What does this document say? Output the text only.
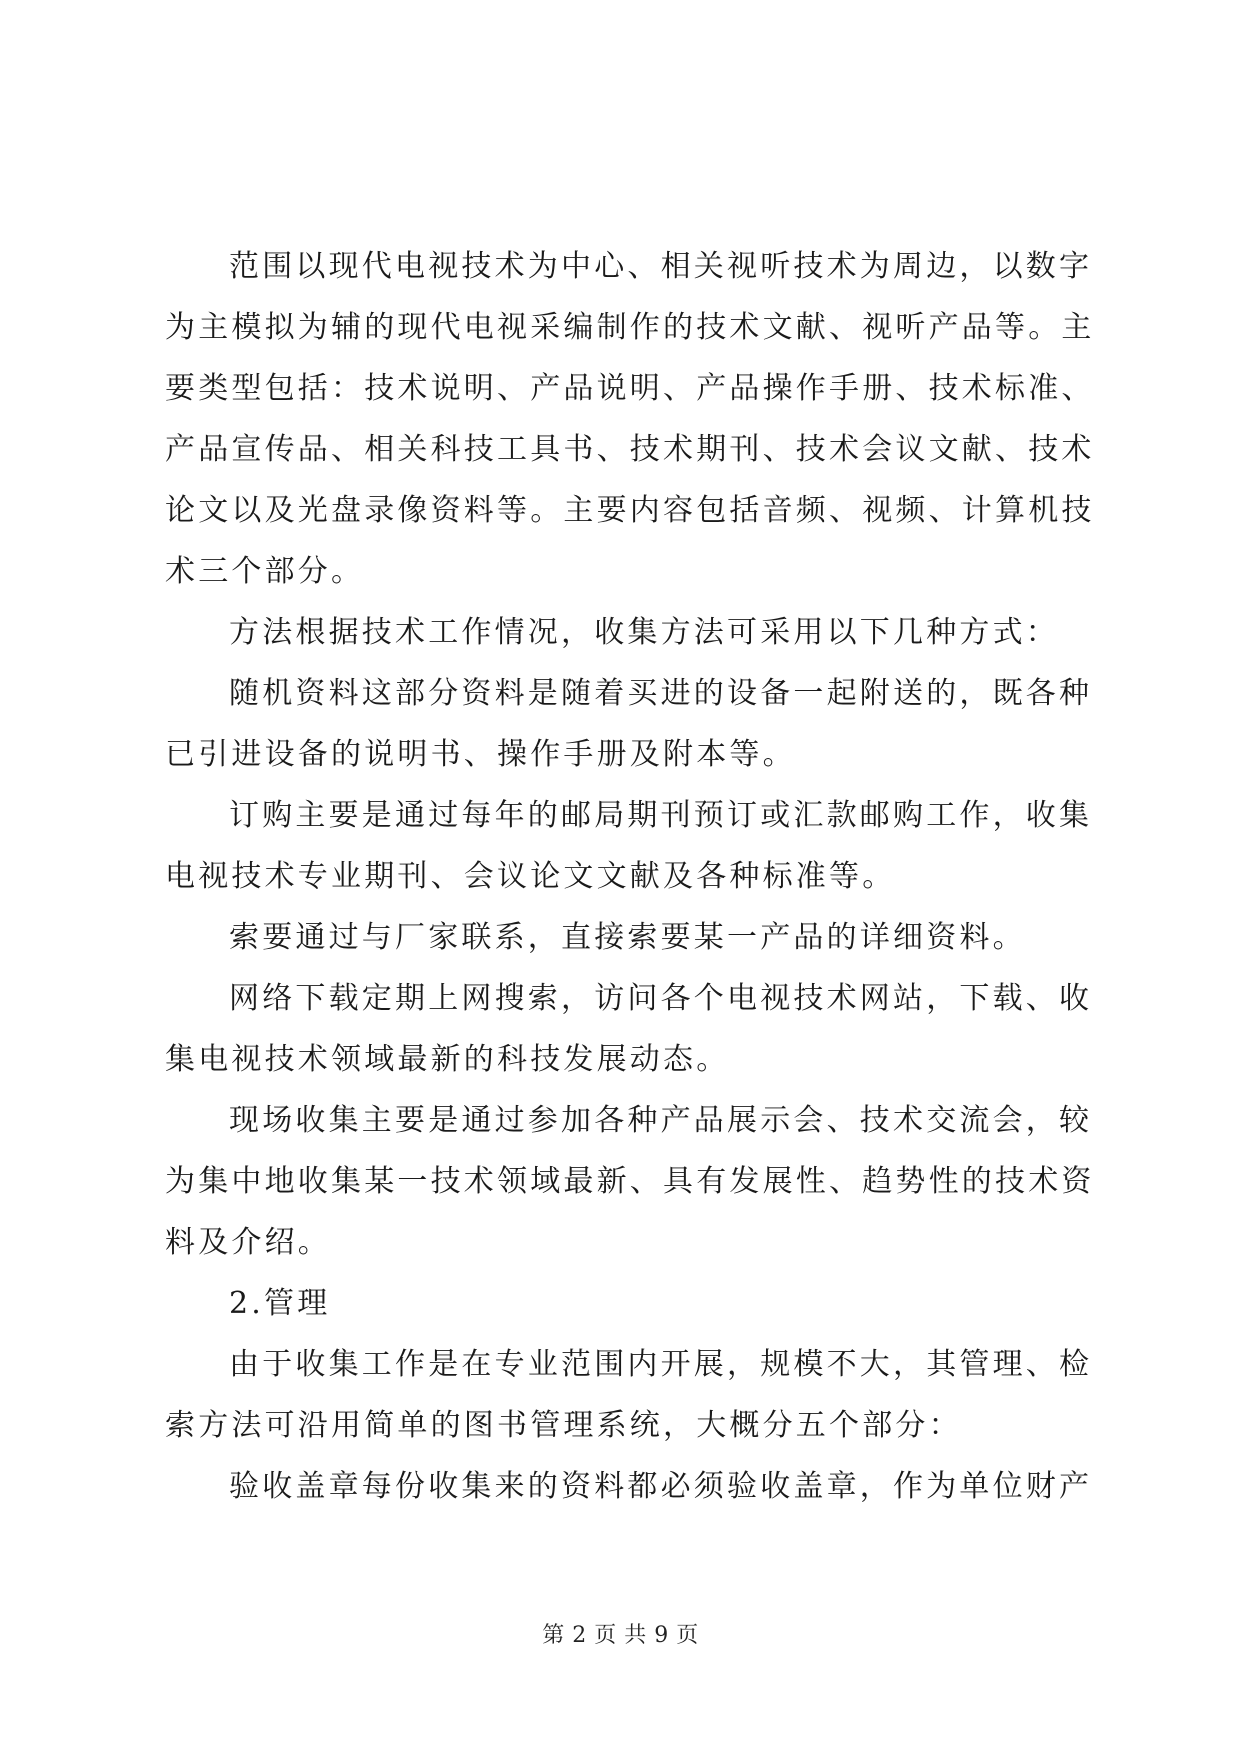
范围以现代电视技术为中心、相关视听技术为周边，以数字
为主模拟为辅的现代电视采编制作的技术文献、视听产品等。主
要类型包括：技术说明、产品说明、产品操作手册、技术标准、
产品宣传品、相关科技工具书、技术期刊、技术会议文献、技术
论文以及光盘录像资料等。主要内容包括音频、视频、计算机技
术三个部分。

方法根据技术工作情况，收集方法可采用以下几种方式：

随机资料这部分资料是随着买进的设备一起附送的，既各种
已引进设备的说明书、操作手册及附本等。

订购主要是通过每年的邮局期刊预订或汇款邮购工作，收集
电视技术专业期刊、会议论文文献及各种标准等。

索要通过与厂家联系，直接索要某一产品的详细资料。

网络下载定期上网搜索，访问各个电视技术网站，下载、收
集电视技术领域最新的科技发展动态。

现场收集主要是通过参加各种产品展示会、技术交流会，较
为集中地收集某一技术领域最新、具有发展性、趋势性的技术资
料及介绍。

2.管理

由于收集工作是在专业范围内开展，规模不大，其管理、检
索方法可沿用简单的图书管理系统，大概分五个部分：

验收盖章每份收集来的资料都必须验收盖章，作为单位财产

第 2 页 共 9 页
